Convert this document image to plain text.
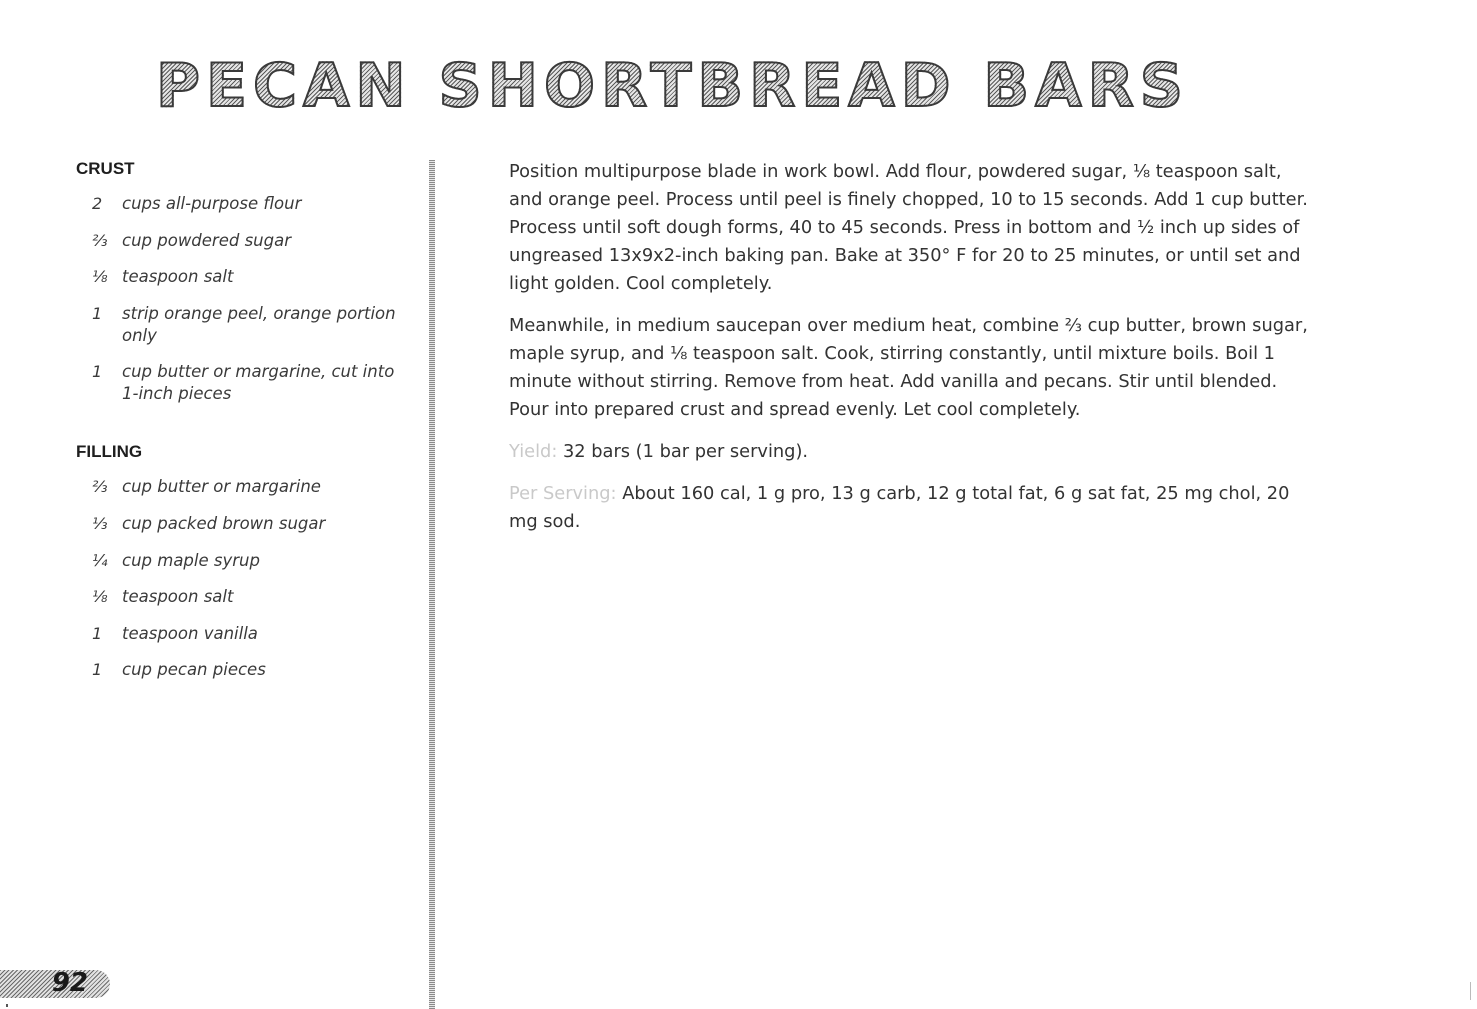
PECAN SHORTBREAD BARS
CRUST
2	cups all-purpose flour
⅔ cup powdered sugar
⅛ teaspoon salt
1	strip orange peel, orange portion only
1	cup butter or margarine, cut into 1-inch pieces
FILLING
⅔ cup butter or margarine
⅓ cup packed brown sugar
¼ cup maple syrup
⅛ teaspoon salt
1	teaspoon vanilla
1	cup pecan pieces

Position multipurpose blade in work bowl. Add flour, powdered sugar, ⅛ teaspoon salt, and orange peel. Process until peel is finely chopped, 10 to 15 seconds. Add 1 cup butter. Process until soft dough forms, 40 to 45 seconds. Press in bottom and ½ inch up sides of ungreased 13x9x2-inch baking pan. Bake at 350° F for 20 to 25 minutes, or until set and light golden. Cool completely.

Meanwhile, in medium saucepan over medium heat, combine ⅔ cup butter, brown sugar, maple syrup, and ⅛ teaspoon salt. Cook, stirring constantly, until mixture boils. Boil 1 minute without stirring. Remove from heat. Add vanilla and pecans. Stir until blended. Pour into prepared crust and spread evenly. Let cool completely.

Yield: 32 bars (1 bar per serving).

Per Serving: About 160 cal, 1 g pro, 13 g carb, 12 g total fat, 6 g sat fat, 25 mg chol, 20 mg sod.

92
